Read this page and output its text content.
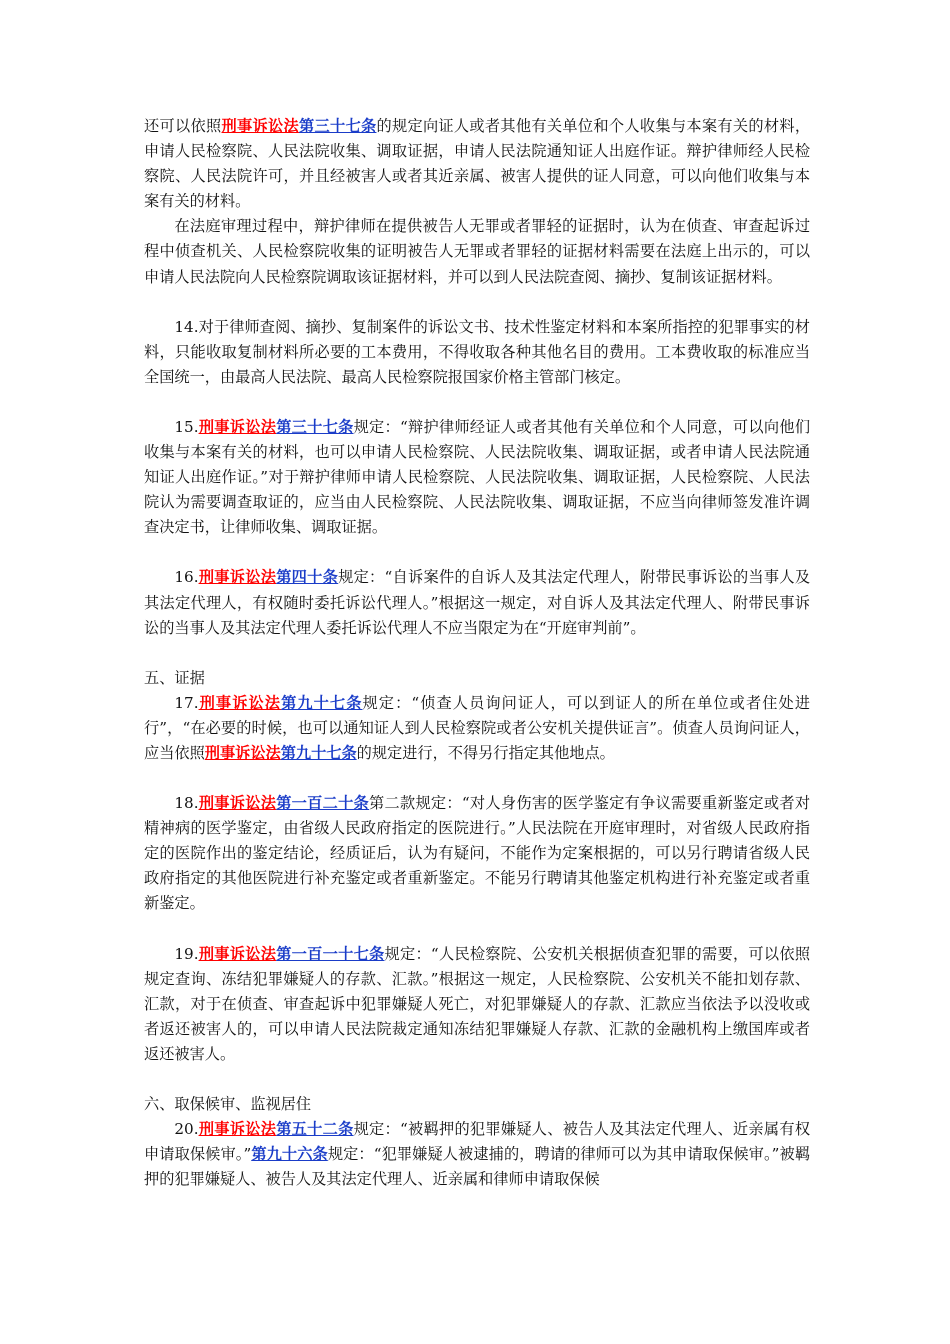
还可以依照刑事诉讼法第三十七条的规定向证人或者其他有关单位和个人收集与本案有关的材料，申请人民检察院、人民法院收集、调取证据，申请人民法院通知证人出庭作证。辩护律师经人民检察院、人民法院许可，并且经被害人或者其近亲属、被害人提供的证人同意，可以向他们收集与本案有关的材料。

在法庭审理过程中，辩护律师在提供被告人无罪或者罪轻的证据时，认为在侦查、审查起诉过程中侦查机关、人民检察院收集的证明被告人无罪或者罪轻的证据材料需要在法庭上出示的，可以申请人民法院向人民检察院调取该证据材料，并可以到人民法院查阅、摘抄、复制该证据材料。

14.对于律师查阅、摘抄、复制案件的诉讼文书、技术性鉴定材料和本案所指控的犯罪事实的材料，只能收取复制材料所必要的工本费用，不得收取各种其他名目的费用。工本费收取的标准应当全国统一，由最高人民法院、最高人民检察院报国家价格主管部门核定。

15.刑事诉讼法第三十七条规定：“辩护律师经证人或者其他有关单位和个人同意，可以向他们收集与本案有关的材料，也可以申请人民检察院、人民法院收集、调取证据，或者申请人民法院通知证人出庭作证。”对于辩护律师申请人民检察院、人民法院收集、调取证据，人民检察院、人民法院认为需要调查取证的，应当由人民检察院、人民法院收集、调取证据，不应当向律师签发准许调查决定书，让律师收集、调取证据。

16.刑事诉讼法第四十条规定：“自诉案件的自诉人及其法定代理人，附带民事诉讼的当事人及其法定代理人，有权随时委托诉讼代理人。”根据这一规定，对自诉人及其法定代理人、附带民事诉讼的当事人及其法定代理人委托诉讼代理人不应当限定为在“开庭审判前”。

五、证据

17.刑事诉讼法第九十七条规定：“侦查人员询问证人，可以到证人的所在单位或者住处进行”，“在必要的时候，也可以通知证人到人民检察院或者公安机关提供证言”。侦查人员询问证人，应当依照刑事诉讼法第九十七条的规定进行，不得另行指定其他地点。

18.刑事诉讼法第一百二十条第二款规定：“对人身伤害的医学鉴定有争议需要重新鉴定或者对精神病的医学鉴定，由省级人民政府指定的医院进行。”人民法院在开庭审理时，对省级人民政府指定的医院作出的鉴定结论，经质证后，认为有疑问，不能作为定案根据的，可以另行聘请省级人民政府指定的其他医院进行补充鉴定或者重新鉴定。不能另行聘请其他鉴定机构进行补充鉴定或者重新鉴定。

19.刑事诉讼法第一百一十七条规定：“人民检察院、公安机关根据侦查犯罪的需要，可以依照规定查询、冻结犯罪嫌疑人的存款、汇款。”根据这一规定，人民检察院、公安机关不能扣划存款、汇款，对于在侦查、审查起诉中犯罪嫌疑人死亡，对犯罪嫌疑人的存款、汇款应当依法予以没收或者返还被害人的，可以申请人民法院裁定通知冻结犯罪嫌疑人存款、汇款的金融机构上缴国库或者返还被害人。

六、取保候审、监视居住

20.刑事诉讼法第五十二条规定：“被羁押的犯罪嫌疑人、被告人及其法定代理人、近亲属有权申请取保候审。”第九十六条规定：“犯罪嫌疑人被逮捕的，聘请的律师可以为其申请取保候审。”被羁押的犯罪嫌疑人、被告人及其法定代理人、近亲属和律师申请取保候
